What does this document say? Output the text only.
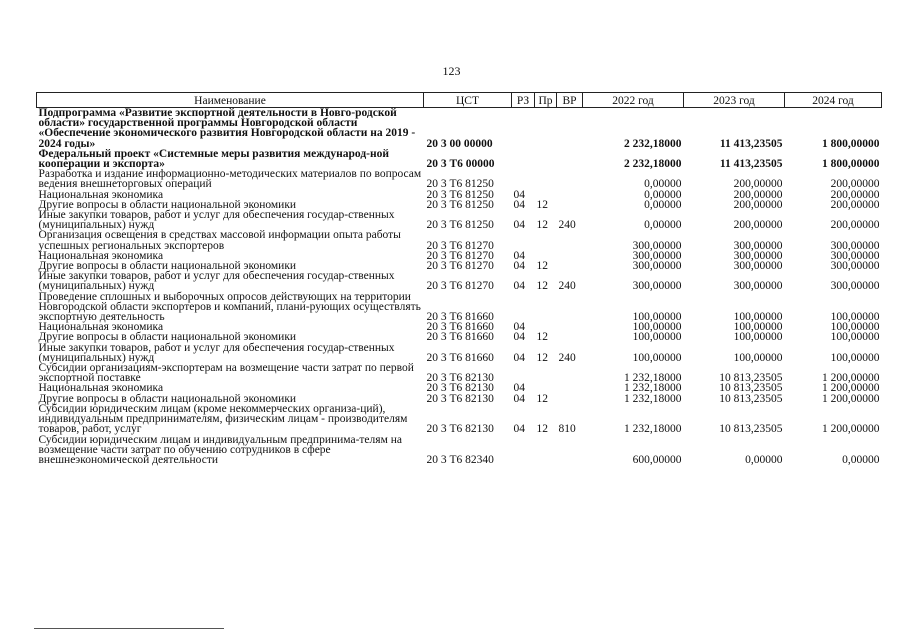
123
Наименование	ЦСТ	РЗ	Пр	ВР	2022 год	2023 год	2024 год
Подпрограмма «Развитие экспортной деятельности в Новго-родской области» государственной программы Новгородской области «Обеспечение экономического развития Новгородской области на 2019 - 2024 годы»	20 3 00 00000				2 232,18000	11 413,23505	1 800,00000
Федеральный проект «Системные меры развития международ-ной кооперации и экспорта»	20 3 Т6 00000				2 232,18000	11 413,23505	1 800,00000
Разработка и издание информационно-методических материалов по вопросам ведения внешнеторговых операций	20 3 Т6 81250				0,00000	200,00000	200,00000
Национальная экономика	20 3 Т6 81250	04			0,00000	200,00000	200,00000
Другие вопросы в области национальной экономики	20 3 Т6 81250	04	12		0,00000	200,00000	200,00000
Иные закупки товаров, работ и услуг для обеспечения государ-ственных (муниципальных) нужд	20 3 Т6 81250	04	12	240	0,00000	200,00000	200,00000
Организация освещения в средствах массовой информации опыта работы успешных региональных экспортеров	20 3 Т6 81270				300,00000	300,00000	300,00000
Национальная экономика	20 3 Т6 81270	04			300,00000	300,00000	300,00000
Другие вопросы в области национальной экономики	20 3 Т6 81270	04	12		300,00000	300,00000	300,00000
Иные закупки товаров, работ и услуг для обеспечения государ-ственных (муниципальных) нужд	20 3 Т6 81270	04	12	240	300,00000	300,00000	300,00000
Проведение сплошных и выборочных опросов действующих на территории Новгородской области экспортеров и компаний, плани-рующих осуществлять экспортную деятельность	20 3 Т6 81660				100,00000	100,00000	100,00000
Национальная экономика	20 3 Т6 81660	04			100,00000	100,00000	100,00000
Другие вопросы в области национальной экономики	20 3 Т6 81660	04	12		100,00000	100,00000	100,00000
Иные закупки товаров, работ и услуг для обеспечения государ-ственных (муниципальных) нужд	20 3 Т6 81660	04	12	240	100,00000	100,00000	100,00000
Субсидии организациям-экспортерам на возмещение части затрат по первой экспортной поставке	20 3 Т6 82130				1 232,18000	10 813,23505	1 200,00000
Национальная экономика	20 3 Т6 82130	04			1 232,18000	10 813,23505	1 200,00000
Другие вопросы в области национальной экономики	20 3 Т6 82130	04	12		1 232,18000	10 813,23505	1 200,00000
Субсидии юридическим лицам (кроме некоммерческих организа-ций), индивидуальным предпринимателям, физическим лицам - производителям товаров, работ, услуг	20 3 Т6 82130	04	12	810	1 232,18000	10 813,23505	1 200,00000
Субсидии юридическим лицам и индивидуальным предпринима-телям на возмещение части затрат по обучению сотрудников в сфере внешнеэкономической деятельности	20 3 Т6 82340				600,00000	0,00000	0,00000
